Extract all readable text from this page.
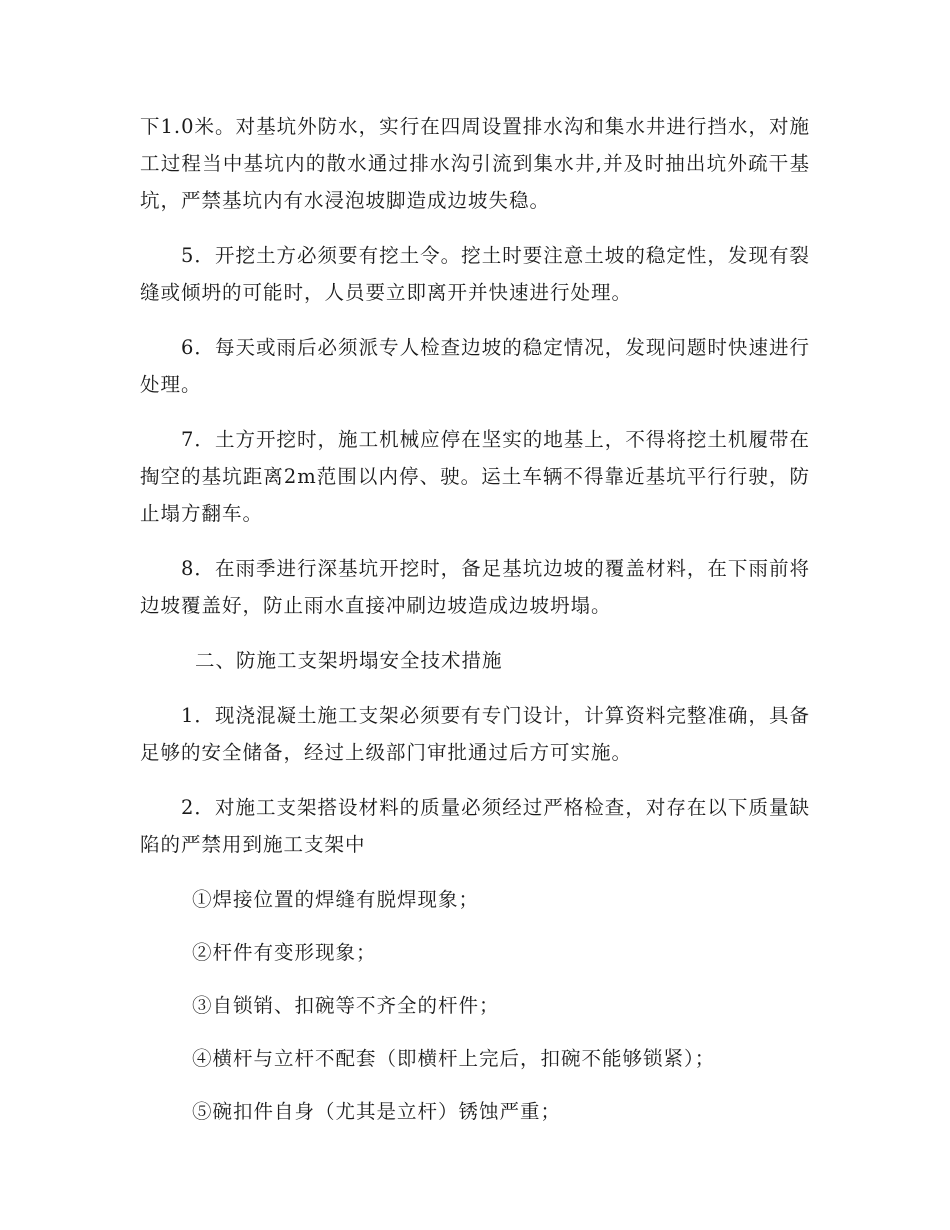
下1.0米。对基坑外防水，实行在四周设置排水沟和集水井进行挡水，对施工过程当中基坑内的散水通过排水沟引流到集水井,并及时抽出坑外疏干基坑，严禁基坑内有水浸泡坡脚造成边坡失稳。

5．开挖土方必须要有挖土令。挖土时要注意土坡的稳定性，发现有裂缝或倾坍的可能时，人员要立即离开并快速进行处理。

6．每天或雨后必须派专人检查边坡的稳定情况，发现问题时快速进行处理。

7．土方开挖时，施工机械应停在坚实的地基上，不得将挖土机履带在掏空的基坑距离2m范围以内停、驶。运土车辆不得靠近基坑平行行驶，防止塌方翻车。

8．在雨季进行深基坑开挖时，备足基坑边坡的覆盖材料，在下雨前将边坡覆盖好，防止雨水直接冲刷边坡造成边坡坍塌。

二、防施工支架坍塌安全技术措施

1．现浇混凝土施工支架必须要有专门设计，计算资料完整准确，具备足够的安全储备，经过上级部门审批通过后方可实施。

2．对施工支架搭设材料的质量必须经过严格检查，对存在以下质量缺陷的严禁用到施工支架中

①焊接位置的焊缝有脱焊现象；
②杆件有变形现象；
③自锁销、扣碗等不齐全的杆件；
④横杆与立杆不配套（即横杆上完后，扣碗不能够锁紧）；
⑤碗扣件自身（尤其是立杆）锈蚀严重；
